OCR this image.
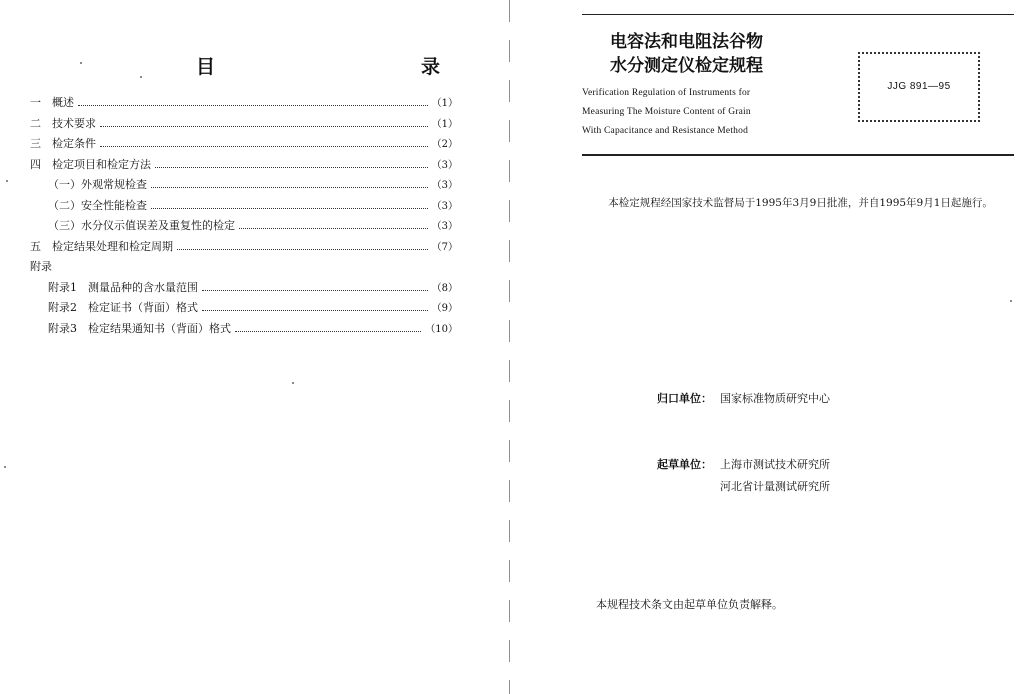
目　　录
一　概述	（1）
二　技术要求	（1）
三　检定条件	（2）
四　检定项目和检定方法	（3）
（一）外观常规检查	（3）
（二）安全性能检查	（3）
（三）水分仪示值误差及重复性的检定	（3）
五　检定结果处理和检定周期	（7）
附录
附录1　测量品种的含水量范围	（8）
附录2　检定证书（背面）格式	（9）
附录3　检定结果通知书（背面）格式	（10）
电容法和电阻法谷物
水分测定仪检定规程
Verification Regulation of Instruments for
Measuring The Moisture Content of Grain
With Capacitance and Resistance Method
JJG 891—95
本检定规程经国家技术监督局于1995年3月9日批准，并自1995年9月1日起施行。
归口单位： 国家标准物质研究中心
起草单位： 上海市测试技术研究所
河北省计量测试研究所
本规程技术条文由起草单位负责解释。
